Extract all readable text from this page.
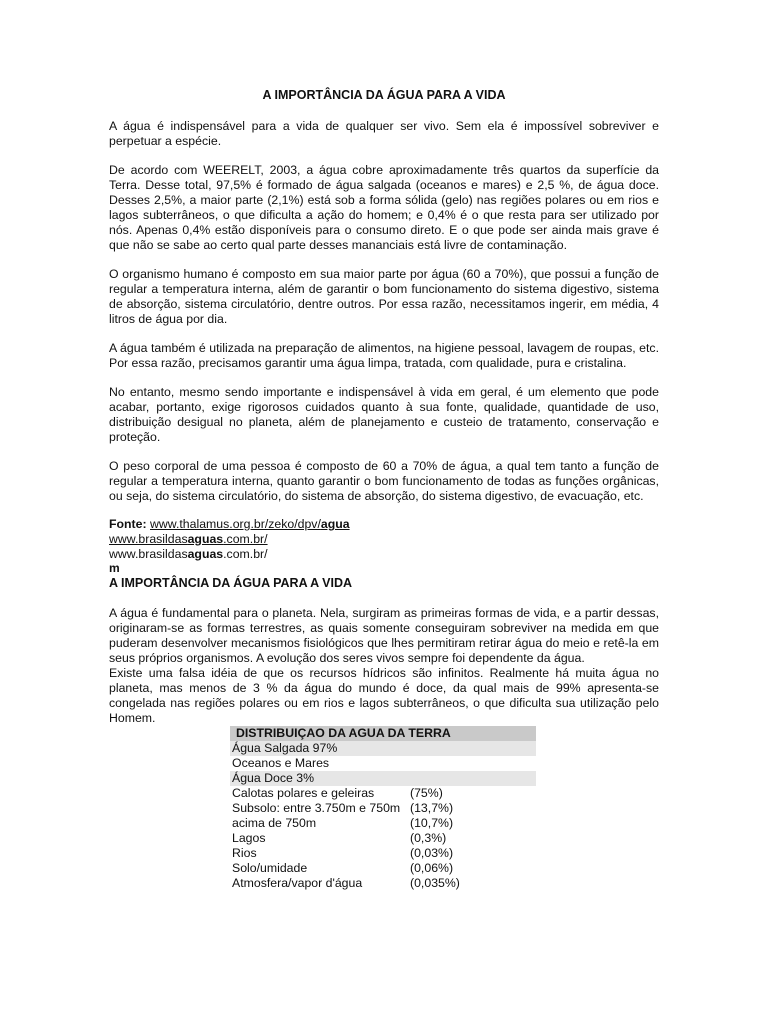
A IMPORTÂNCIA DA ÁGUA PARA A VIDA
A água é indispensável para a vida de qualquer ser vivo. Sem ela é impossível sobreviver e perpetuar a espécie.
De acordo com WEERELT, 2003, a água cobre aproximadamente três quartos da superfície da Terra. Desse total, 97,5% é formado de água salgada (oceanos e mares) e 2,5 %, de água doce. Desses 2,5%, a maior parte (2,1%) está sob a forma sólida (gelo) nas regiões polares ou em rios e lagos subterrâneos, o que dificulta a ação do homem; e 0,4% é o que resta para ser utilizado por nós. Apenas 0,4% estão disponíveis para o consumo direto. E o que pode ser ainda mais grave é que não se sabe ao certo qual parte desses mananciais está livre de contaminação.
O organismo humano é composto em sua maior parte por água (60 a 70%), que possui a função de regular a temperatura interna, além de garantir o bom funcionamento do sistema digestivo, sistema de absorção, sistema circulatório, dentre outros. Por essa razão, necessitamos ingerir, em média, 4 litros de água por dia.
A água também é utilizada na preparação de alimentos, na higiene pessoal, lavagem de roupas, etc. Por essa razão, precisamos garantir uma água limpa, tratada, com qualidade, pura e cristalina.
No entanto, mesmo sendo importante e indispensável à vida em geral, é um elemento que pode acabar, portanto, exige rigorosos cuidados quanto à sua fonte, qualidade, quantidade de uso, distribuição desigual no planeta, além de planejamento e custeio de tratamento, conservação e proteção.
O peso corporal de uma pessoa é composto de 60 a 70% de água, a qual tem tanto a função de regular a temperatura interna, quanto garantir o bom funcionamento de todas as funções orgânicas, ou seja, do sistema circulatório, do sistema de absorção, do sistema digestivo, de evacuação, etc.
Fonte: www.thalamus.org.br/zeko/dpv/agua
www.brasildasaguas.com.br/
www.brasildasaguas.com.br/
m
A IMPORTÂNCIA DA ÁGUA PARA A VIDA
A água é fundamental para o planeta. Nela, surgiram as primeiras formas de vida, e a partir dessas, originaram-se as formas terrestres, as quais somente conseguiram sobreviver na medida em que puderam desenvolver mecanismos fisiológicos que lhes permitiram retirar água do meio e retê-la em seus próprios organismos. A evolução dos seres vivos sempre foi dependente da água.
Existe uma falsa idéia de que os recursos hídricos são infinitos. Realmente há muita água no planeta, mas menos de 3 % da água do mundo é doce, da qual mais de 99% apresenta-se congelada nas regiões polares ou em rios e lagos subterrâneos, o que dificulta sua utilização pelo Homem.
DISTRIBUIÇAO DA AGUA DA TERRA	
Água Salgada 97%	
Oceanos e Mares	
Água Doce 3%	
Calotas polares e geleiras	(75%)
Subsolo: entre 3.750m e 750m	(13,7%)
acima de 750m	(10,7%)
Lagos	(0,3%)
Rios	(0,03%)
Solo/umidade	(0,06%)
Atmosfera/vapor d'água	(0,035%)
